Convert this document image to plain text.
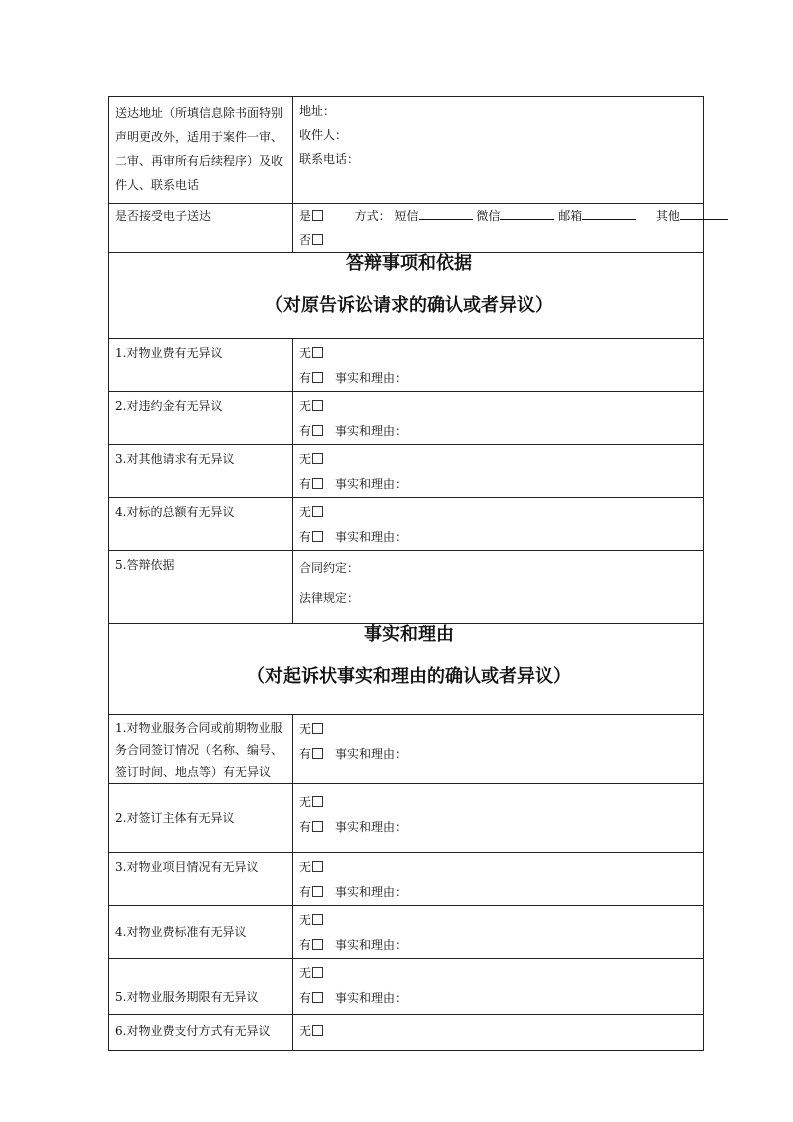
送达地址（所填信息除书面特别
声明更改外，适用于案件一审、
二审、再审所有后续程序）及收
件人、联系电话	地址：
收件人：
联系电话：

是否接受电子送达	是 方式： 短信 微信 邮箱 其他
否

答辩事项和依据
（对原告诉讼请求的确认或者异议）	

1.对物业费有无异议	无
有 事实和理由：

2.对违约金有无异议	无
有 事实和理由：

3.对其他请求有无异议	无
有 事实和理由：

4.对标的总额有无异议	无
有 事实和理由：

5.答辩依据	合同约定：
法律规定：

事实和理由
（对起诉状事实和理由的确认或者异议）	

1.对物业服务合同或前期物业服
务合同签订情况（名称、编号、
签订时间、地点等）有无异议	无
有 事实和理由：

2.对签订主体有无异议	无
有 事实和理由：

3.对物业项目情况有无异议	无
有 事实和理由：

4.对物业费标准有无异议	无
有 事实和理由：

5.对物业服务期限有无异议	无
有 事实和理由：

6.对物业费支付方式有无异议	无
